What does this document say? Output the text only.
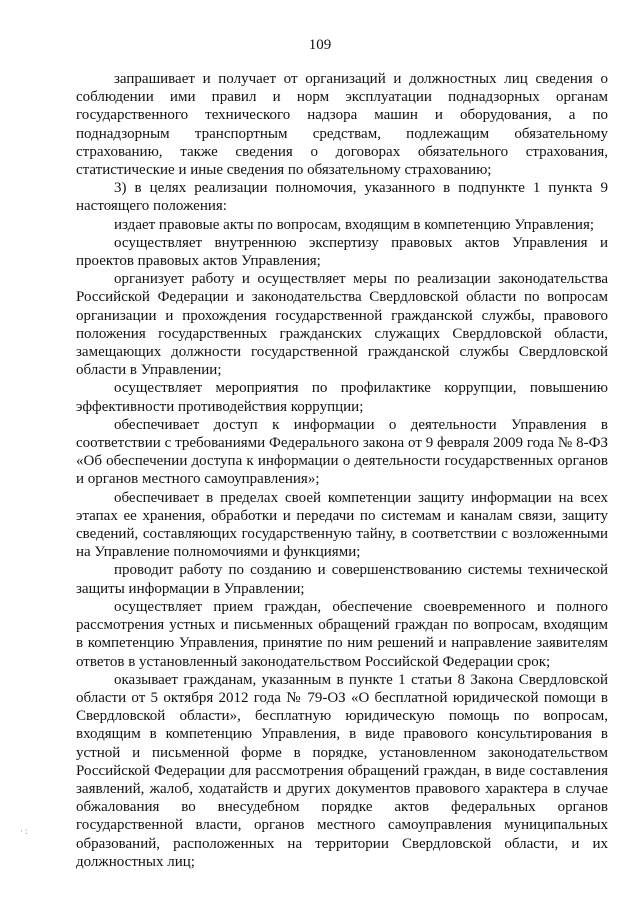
109

запрашивает и получает от организаций и должностных лиц сведения о соблюдении ими правил и норм эксплуатации поднадзорных органам государственного технического надзора машин и оборудования, а по поднадзорным транспортным средствам, подлежащим обязательному страхованию, также сведения о договорах обязательного страхования, статистические и иные сведения по обязательному страхованию;

3) в целях реализации полномочия, указанного в подпункте 1 пункта 9 настоящего положения:

издает правовые акты по вопросам, входящим в компетенцию Управления;

осуществляет внутреннюю экспертизу правовых актов Управления и проектов правовых актов Управления;

организует работу и осуществляет меры по реализации законодательства Российской Федерации и законодательства Свердловской области по вопросам организации и прохождения государственной гражданской службы, правового положения государственных гражданских служащих Свердловской области, замещающих должности государственной гражданской службы Свердловской области в Управлении;

осуществляет мероприятия по профилактике коррупции, повышению эффективности противодействия коррупции;

обеспечивает доступ к информации о деятельности Управления в соответствии с требованиями Федерального закона от 9 февраля 2009 года № 8-ФЗ «Об обеспечении доступа к информации о деятельности государственных органов и органов местного самоуправления»;

обеспечивает в пределах своей компетенции защиту информации на всех этапах ее хранения, обработки и передачи по системам и каналам связи, защиту сведений, составляющих государственную тайну, в соответствии с возложенными на Управление полномочиями и функциями;

проводит работу по созданию и совершенствованию системы технической защиты информации в Управлении;

осуществляет прием граждан, обеспечение своевременного и полного рассмотрения устных и письменных обращений граждан по вопросам, входящим в компетенцию Управления, принятие по ним решений и направление заявителям ответов в установленный законодательством Российской Федерации срок;

оказывает гражданам, указанным в пункте 1 статьи 8 Закона Свердловской области от 5 октября 2012 года № 79-ОЗ «О бесплатной юридической помощи в Свердловской области», бесплатную юридическую помощь по вопросам, входящим в компетенцию Управления, в виде правового консультирования в устной и письменной форме в порядке, установленном законодательством Российской Федерации для рассмотрения обращений граждан, в виде составления заявлений, жалоб, ходатайств и других документов правового характера в случае обжалования во внесудебном порядке актов федеральных органов государственной власти, органов местного самоуправления муниципальных образований, расположенных на территории Свердловской области, и их должностных лиц;

·:
